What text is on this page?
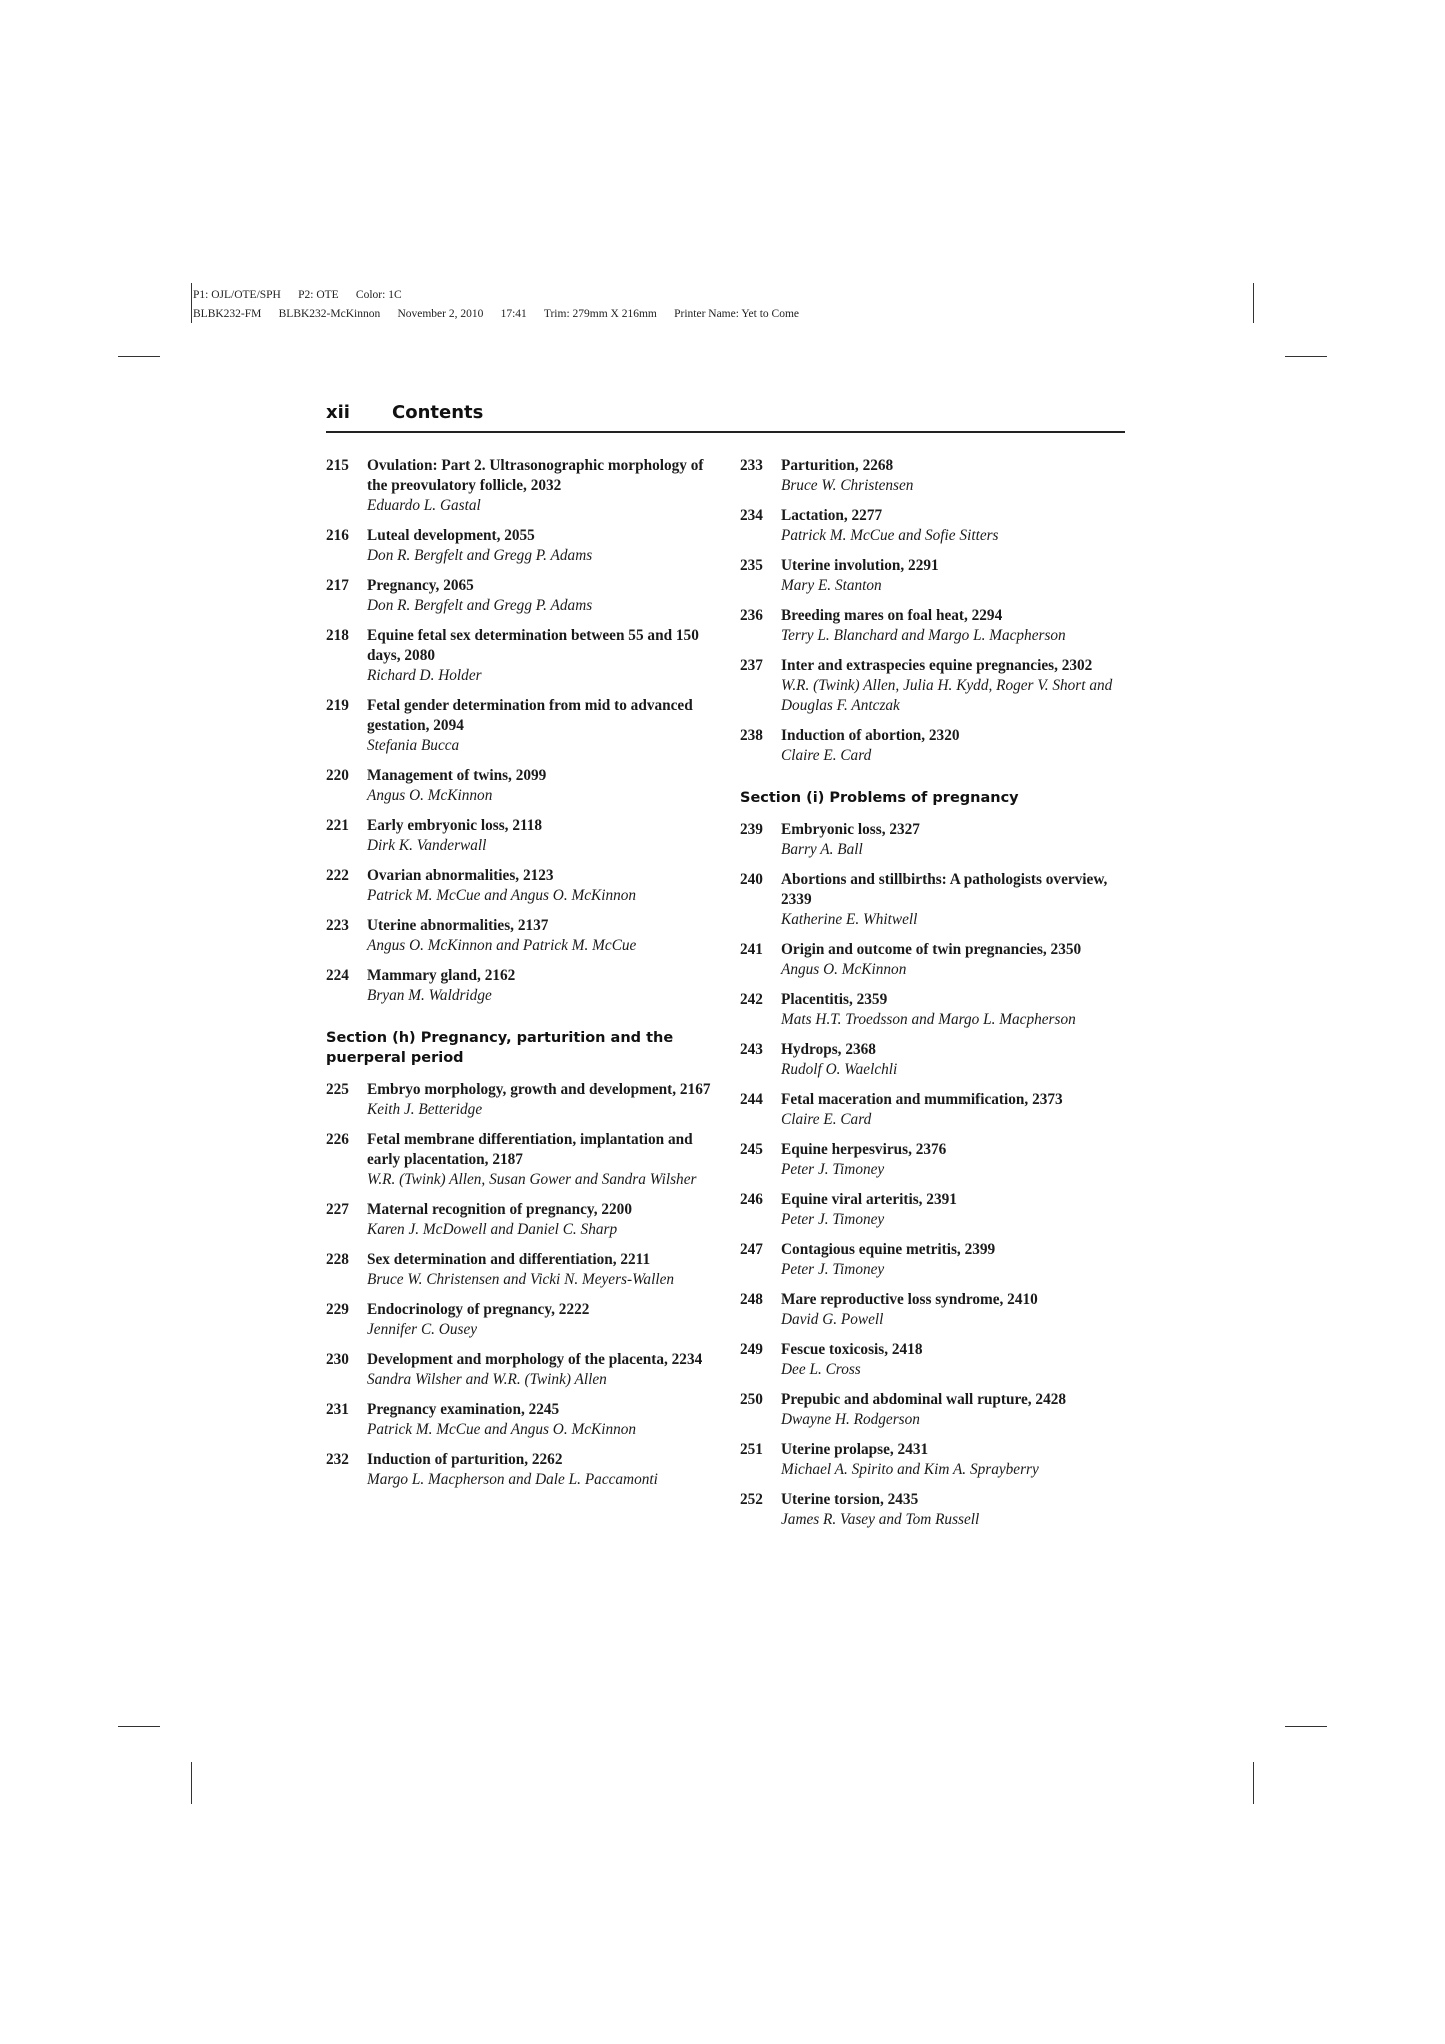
P1: OJL/OTE/SPH      P2: OTE      Color: 1C
BLBK232-FM      BLBK232-McKinnon      November 2, 2010      17:41      Trim: 279mm X 216mm      Printer Name: Yet to Come
xii Contents
215 Ovulation: Part 2. Ultrasonographic morphology of the preovulatory follicle, 2032
Eduardo L. Gastal
216 Luteal development, 2055
Don R. Bergfelt and Gregg P. Adams
217 Pregnancy, 2065
Don R. Bergfelt and Gregg P. Adams
218 Equine fetal sex determination between 55 and 150 days, 2080
Richard D. Holder
219 Fetal gender determination from mid to advanced gestation, 2094
Stefania Bucca
220 Management of twins, 2099
Angus O. McKinnon
221 Early embryonic loss, 2118
Dirk K. Vanderwall
222 Ovarian abnormalities, 2123
Patrick M. McCue and Angus O. McKinnon
223 Uterine abnormalities, 2137
Angus O. McKinnon and Patrick M. McCue
224 Mammary gland, 2162
Bryan M. Waldridge
Section (h) Pregnancy, parturition and the puerperal period
225 Embryo morphology, growth and development, 2167
Keith J. Betteridge
226 Fetal membrane differentiation, implantation and early placentation, 2187
W.R. (Twink) Allen, Susan Gower and Sandra Wilsher
227 Maternal recognition of pregnancy, 2200
Karen J. McDowell and Daniel C. Sharp
228 Sex determination and differentiation, 2211
Bruce W. Christensen and Vicki N. Meyers-Wallen
229 Endocrinology of pregnancy, 2222
Jennifer C. Ousey
230 Development and morphology of the placenta, 2234
Sandra Wilsher and W.R. (Twink) Allen
231 Pregnancy examination, 2245
Patrick M. McCue and Angus O. McKinnon
232 Induction of parturition, 2262
Margo L. Macpherson and Dale L. Paccamonti
233 Parturition, 2268
Bruce W. Christensen
234 Lactation, 2277
Patrick M. McCue and Sofie Sitters
235 Uterine involution, 2291
Mary E. Stanton
236 Breeding mares on foal heat, 2294
Terry L. Blanchard and Margo L. Macpherson
237 Inter and extraspecies equine pregnancies, 2302
W.R. (Twink) Allen, Julia H. Kydd, Roger V. Short and Douglas F. Antczak
238 Induction of abortion, 2320
Claire E. Card
Section (i) Problems of pregnancy
239 Embryonic loss, 2327
Barry A. Ball
240 Abortions and stillbirths: A pathologists overview, 2339
Katherine E. Whitwell
241 Origin and outcome of twin pregnancies, 2350
Angus O. McKinnon
242 Placentitis, 2359
Mats H.T. Troedsson and Margo L. Macpherson
243 Hydrops, 2368
Rudolf O. Waelchli
244 Fetal maceration and mummification, 2373
Claire E. Card
245 Equine herpesvirus, 2376
Peter J. Timoney
246 Equine viral arteritis, 2391
Peter J. Timoney
247 Contagious equine metritis, 2399
Peter J. Timoney
248 Mare reproductive loss syndrome, 2410
David G. Powell
249 Fescue toxicosis, 2418
Dee L. Cross
250 Prepubic and abdominal wall rupture, 2428
Dwayne H. Rodgerson
251 Uterine prolapse, 2431
Michael A. Spirito and Kim A. Sprayberry
252 Uterine torsion, 2435
James R. Vasey and Tom Russell
